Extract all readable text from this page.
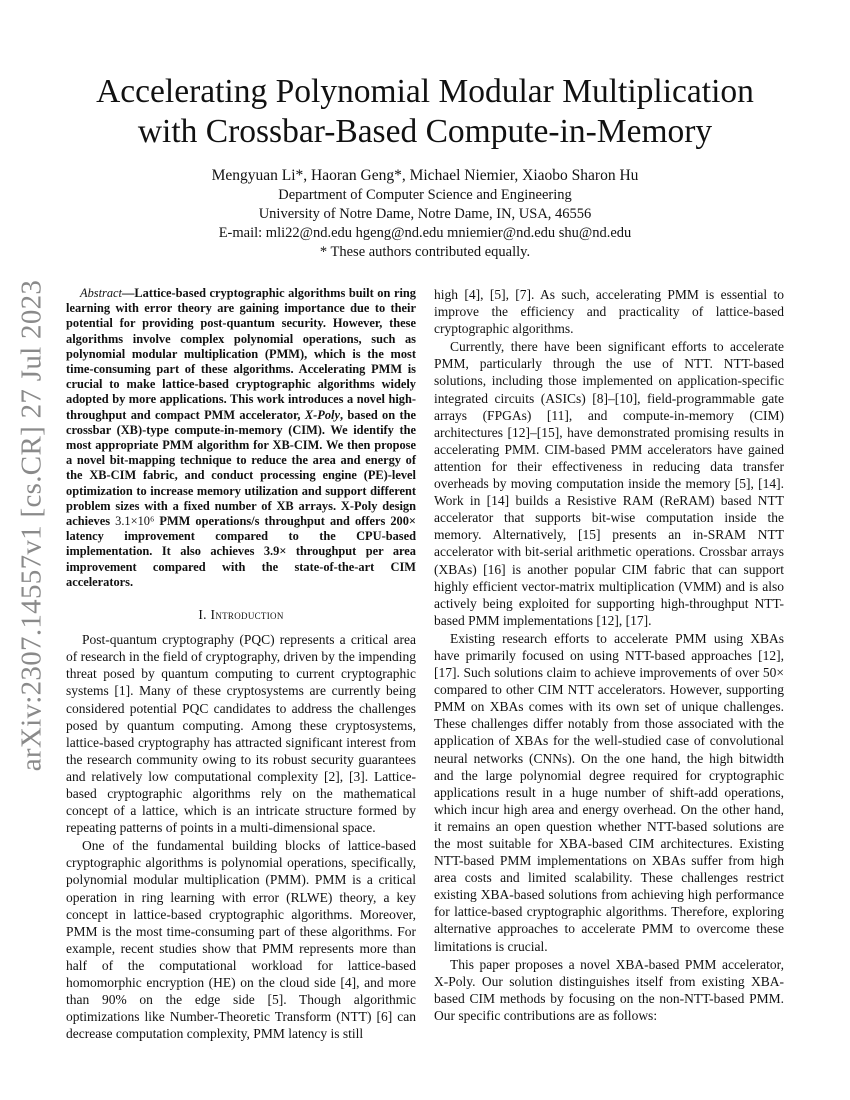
arXiv:2307.14557v1 [cs.CR] 27 Jul 2023
Accelerating Polynomial Modular Multiplication
with Crossbar-Based Compute-in-Memory
Mengyuan Li*, Haoran Geng*, Michael Niemier, Xiaobo Sharon Hu
Department of Computer Science and Engineering
University of Notre Dame, Notre Dame, IN, USA, 46556
E-mail: mli22@nd.edu hgeng@nd.edu mniemier@nd.edu shu@nd.edu
* These authors contributed equally.

Abstract—Lattice-based cryptographic algorithms built on ring learning with error theory are gaining importance due to their potential for providing post-quantum security. However, these algorithms involve complex polynomial operations, such as polynomial modular multiplication (PMM), which is the most time-consuming part of these algorithms. Accelerating PMM is crucial to make lattice-based cryptographic algorithms widely adopted by more applications. This work introduces a novel high-throughput and compact PMM accelerator, X-Poly, based on the crossbar (XB)-type compute-in-memory (CIM). We identify the most appropriate PMM algorithm for XB-CIM. We then propose a novel bit-mapping technique to reduce the area and energy of the XB-CIM fabric, and conduct processing engine (PE)-level optimization to increase memory utilization and support different problem sizes with a fixed number of XB arrays. X-Poly design achieves 3.1×10⁶ PMM operations/s throughput and offers 200× latency improvement compared to the CPU-based implementation. It also achieves 3.9× throughput per area improvement compared with the state-of-the-art CIM accelerators.

I. Introduction

Post-quantum cryptography (PQC) represents a critical area of research in the field of cryptography, driven by the impending threat posed by quantum computing to current cryptographic systems [1]. Many of these cryptosystems are currently being considered potential PQC candidates to address the challenges posed by quantum computing. Among these cryptosystems, lattice-based cryptography has attracted significant interest from the research community owing to its robust security guarantees and relatively low computational complexity [2], [3]. Lattice-based cryptographic algorithms rely on the mathematical concept of a lattice, which is an intricate structure formed by repeating patterns of points in a multi-dimensional space.

One of the fundamental building blocks of lattice-based cryptographic algorithms is polynomial operations, specifically, polynomial modular multiplication (PMM). PMM is a critical operation in ring learning with error (RLWE) theory, a key concept in lattice-based cryptographic algorithms. Moreover, PMM is the most time-consuming part of these algorithms. For example, recent studies show that PMM represents more than half of the computational workload for lattice-based homomorphic encryption (HE) on the cloud side [4], and more than 90% on the edge side [5]. Though algorithmic optimizations like Number-Theoretic Transform (NTT) [6] can decrease computation complexity, PMM latency is still

high [4], [5], [7]. As such, accelerating PMM is essential to improve the efficiency and practicality of lattice-based cryptographic algorithms.

Currently, there have been significant efforts to accelerate PMM, particularly through the use of NTT. NTT-based solutions, including those implemented on application-specific integrated circuits (ASICs) [8]–[10], field-programmable gate arrays (FPGAs) [11], and compute-in-memory (CIM) architectures [12]–[15], have demonstrated promising results in accelerating PMM. CIM-based PMM accelerators have gained attention for their effectiveness in reducing data transfer overheads by moving computation inside the memory [5], [14]. Work in [14] builds a Resistive RAM (ReRAM) based NTT accelerator that supports bit-wise computation inside the memory. Alternatively, [15] presents an in-SRAM NTT accelerator with bit-serial arithmetic operations. Crossbar arrays (XBAs) [16] is another popular CIM fabric that can support highly efficient vector-matrix multiplication (VMM) and is also actively being exploited for supporting high-throughput NTT-based PMM implementations [12], [17].

Existing research efforts to accelerate PMM using XBAs have primarily focused on using NTT-based approaches [12], [17]. Such solutions claim to achieve improvements of over 50× compared to other CIM NTT accelerators. However, supporting PMM on XBAs comes with its own set of unique challenges. These challenges differ notably from those associated with the application of XBAs for the well-studied case of convolutional neural networks (CNNs). On the one hand, the high bitwidth and the large polynomial degree required for cryptographic applications result in a huge number of shift-add operations, which incur high area and energy overhead. On the other hand, it remains an open question whether NTT-based solutions are the most suitable for XBA-based CIM architectures. Existing NTT-based PMM implementations on XBAs suffer from high area costs and limited scalability. These challenges restrict existing XBA-based solutions from achieving high performance for lattice-based cryptographic algorithms. Therefore, exploring alternative approaches to accelerate PMM to overcome these limitations is crucial.

This paper proposes a novel XBA-based PMM accelerator, X-Poly. Our solution distinguishes itself from existing XBA-based CIM methods by focusing on the non-NTT-based PMM. Our specific contributions are as follows:
